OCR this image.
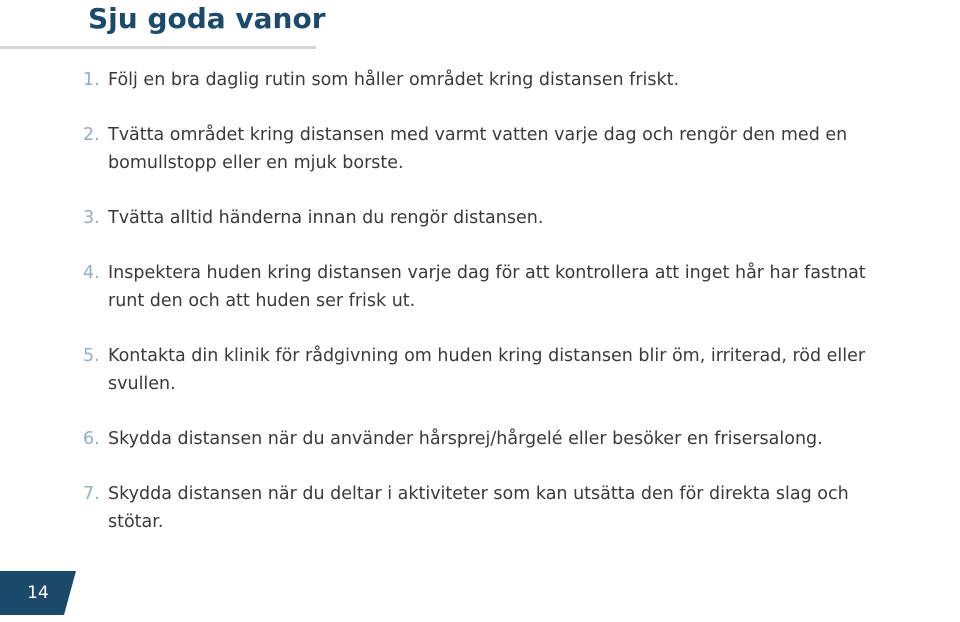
Sju goda vanor
1. Följ en bra daglig rutin som håller området kring distansen friskt.
2. Tvätta området kring distansen med varmt vatten varje dag och rengör den med en
bomullstopp eller en mjuk borste.
3. Tvätta alltid händerna innan du rengör distansen.
4. Inspektera huden kring distansen varje dag för att kontrollera att inget hår har fastnat
runt den och att huden ser frisk ut.
5. Kontakta din klinik för rådgivning om huden kring distansen blir öm, irriterad, röd eller
svullen.
6. Skydda distansen när du använder hårsprej/hårgelé eller besöker en frisersalong.
7. Skydda distansen när du deltar i aktiviteter som kan utsätta den för direkta slag och
stötar.
14
